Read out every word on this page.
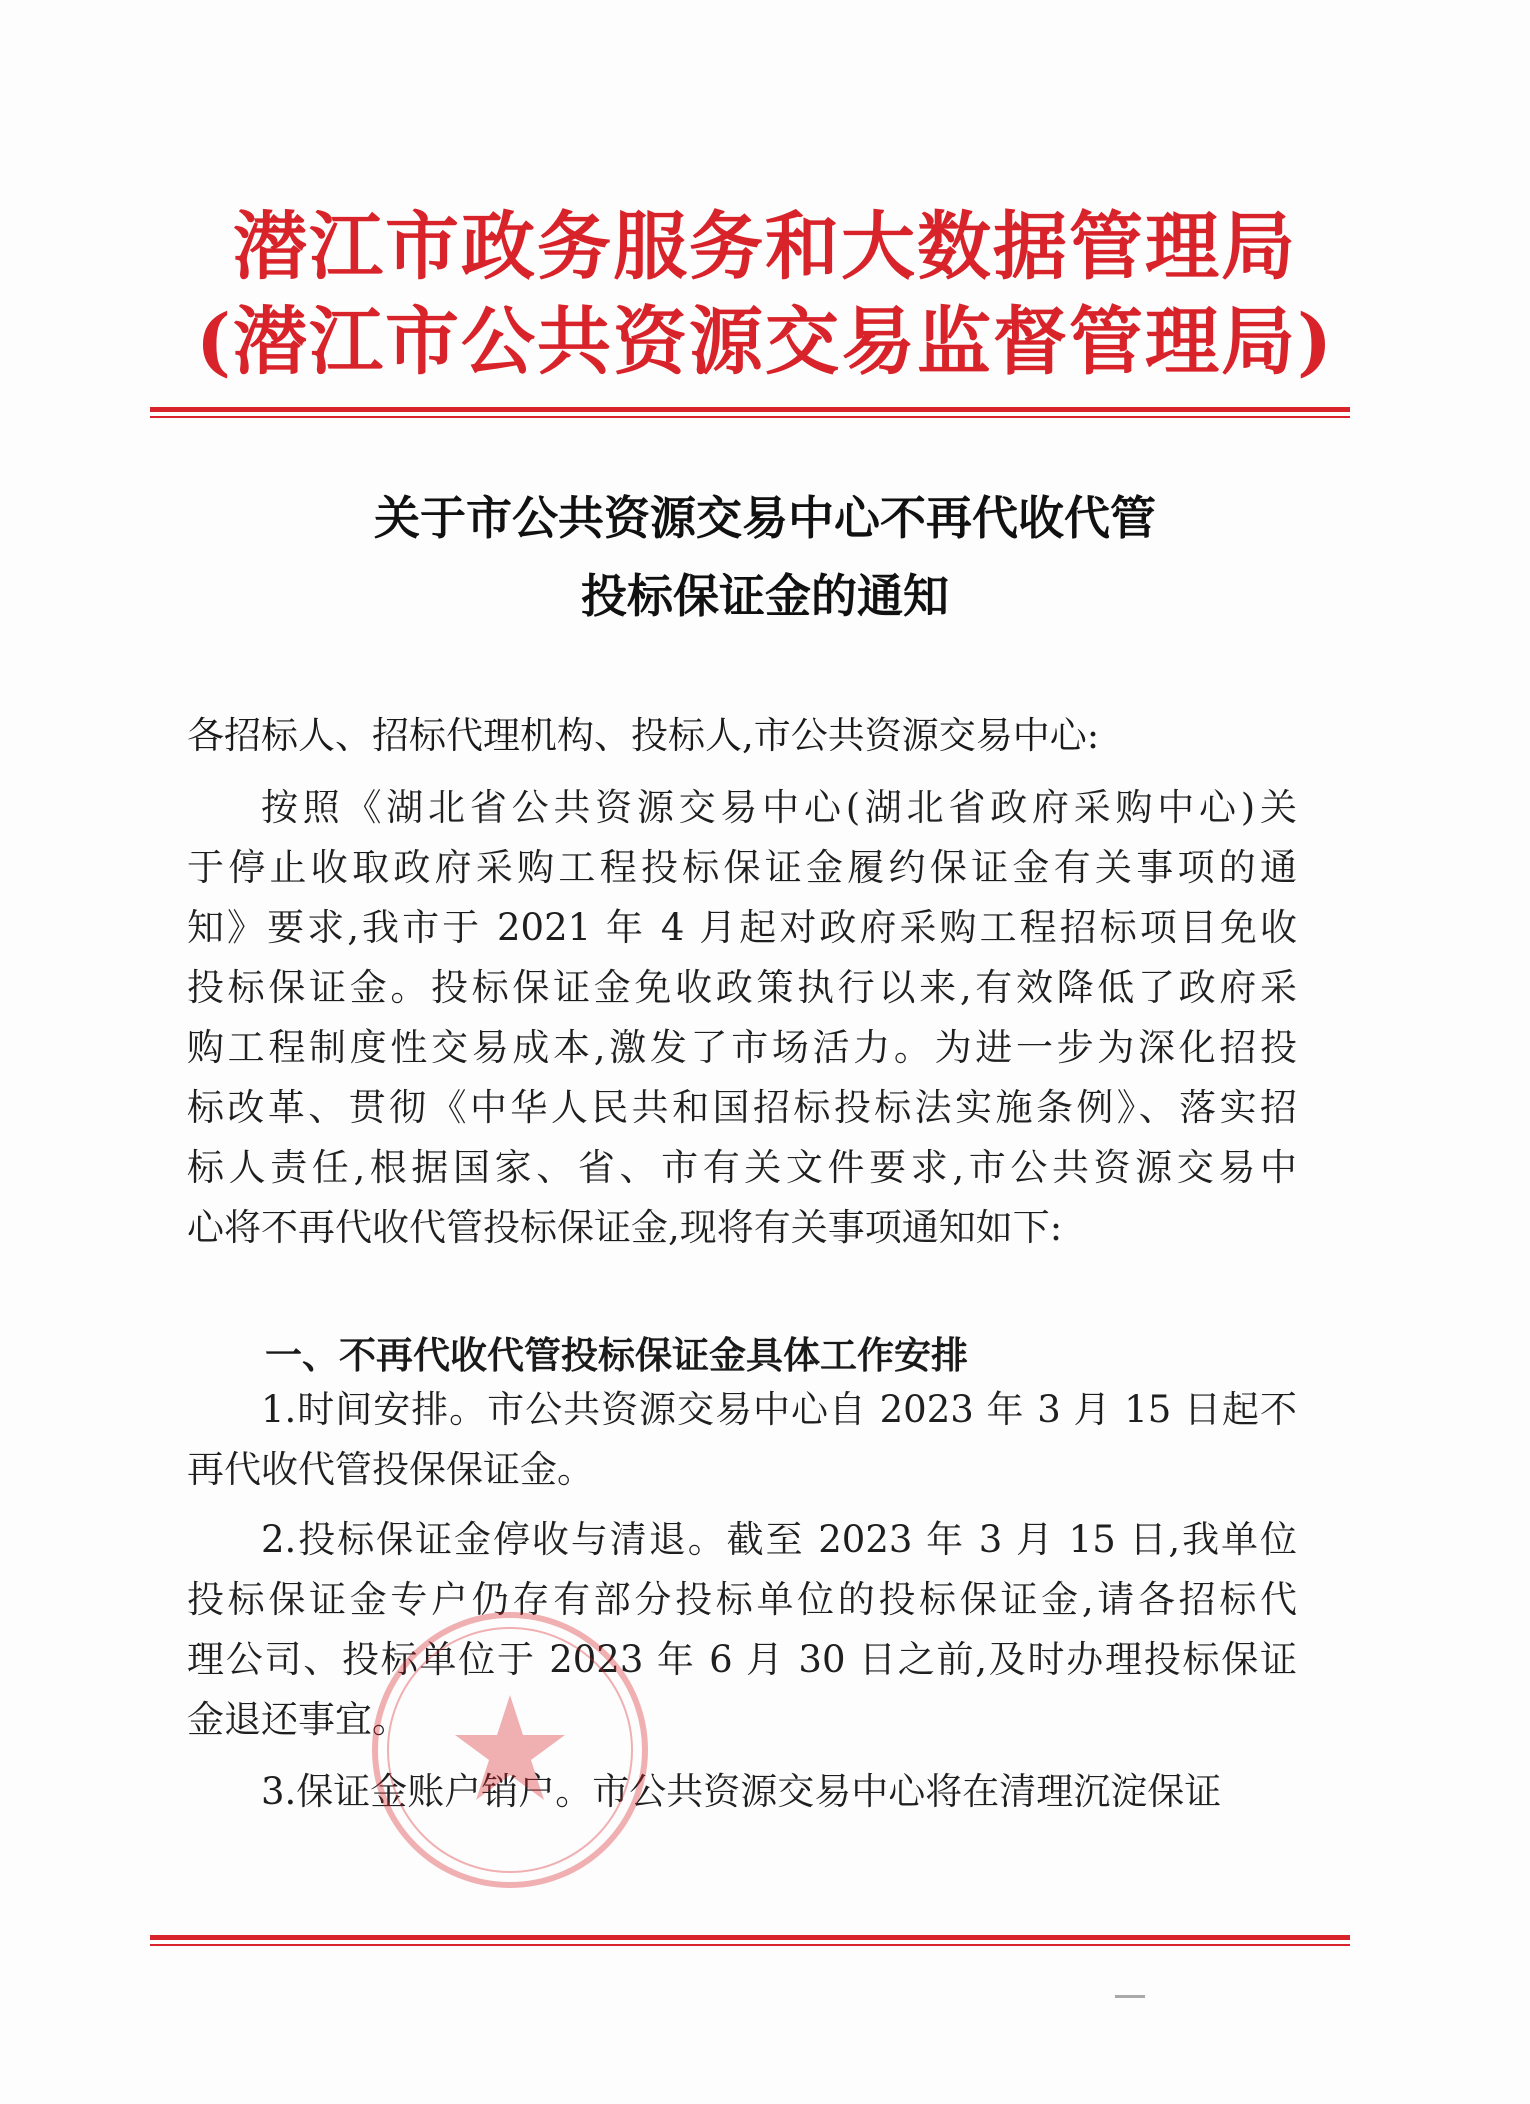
潜江市政务服务和大数据管理局
(潜江市公共资源交易监督管理局)
关于市公共资源交易中心不再代收代管
投标保证金的通知
各招标人、招标代理机构、投标人,市公共资源交易中心:
按照《湖北省公共资源交易中心(湖北省政府采购中心)关
于停止收取政府采购工程投标保证金履约保证金有关事项的通
知》要求,我市于 2021 年 4 月起对政府采购工程招标项目免收
投标保证金。投标保证金免收政策执行以来,有效降低了政府采
购工程制度性交易成本,激发了市场活力。为进一步为深化招投
标改革、贯彻《中华人民共和国招标投标法实施条例》、落实招
标人责任,根据国家、省、市有关文件要求,市公共资源交易中
心将不再代收代管投标保证金,现将有关事项通知如下:
一、不再代收代管投标保证金具体工作安排
1.时间安排。市公共资源交易中心自 2023 年 3 月 15 日起不
再代收代管投保保证金。
2.投标保证金停收与清退。截至 2023 年 3 月 15 日,我单位
投标保证金专户仍存有部分投标单位的投标保证金,请各招标代
理公司、投标单位于 2023 年 6 月 30 日之前,及时办理投标保证
金退还事宜。
3.保证金账户销户。市公共资源交易中心将在清理沉淀保证
